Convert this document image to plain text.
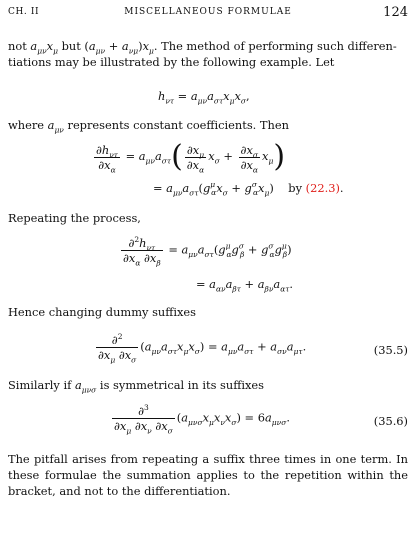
CH. II	MISCELLANEOUS FORMULAE	124
not $a_{\mu\nu}x_\mu$ but $(a_{\mu\nu} + a_{\nu\mu})x_\mu$. The method of performing such differen-
tiations may be illustrated by the following example. Let
$h_{\nu\tau} = a_{\mu\nu}a_{\sigma\tau}x_\mu x_\sigma$,
where $a_{\mu\nu}$ represents constant coefficients. Then
$\frac{\partial h_{\nu\tau}}{\partial x_\alpha} = a_{\mu\nu}a_{\sigma\tau}( \frac{\partial x_\mu}{\partial x_\alpha} x_\sigma + \frac{\partial x_\sigma}{\partial x_\alpha} x_\mu)$
= $a_{\mu\nu}a_{\sigma\tau}(g^\mu_\alpha x_\sigma + g^\sigma_\alpha x_\mu)$    by (22.3).
Repeating the process,
$\frac{\partial^2h_{\nu\tau}}{\partial x_\alpha \partial x_\beta} = a_{\mu\nu}a_{\sigma\tau}(g^\mu_\alpha g^\sigma_\beta + g^\sigma_\alpha g^\mu_\beta)$
= $a_{\alpha\nu}a_{\beta\tau} + a_{\beta\nu}a_{\alpha\tau}$.
Hence changing dummy suffixes
$\frac{\partial^2}{\partial x_\mu \partial x_\sigma} (a_{\mu\nu}a_{\sigma\tau}x_\mu x_\sigma) = a_{\mu\nu}a_{\sigma\tau} + a_{\sigma\nu}a_{\mu\tau}$.	(35.5)
Similarly if $a_{\mu\nu\sigma}$ is symmetrical in its suffixes
$\frac{\partial^3}{\partial x_\mu \partial x_\nu \partial x_\sigma} (a_{\mu\nu\sigma}x_\mu x_\nu x_\sigma) = 6a_{\mu\nu\sigma}$.	(35.6)
The pitfall arises from repeating a suffix three times in one term. In these formulae the summation applies to the repetition within the bracket, and not to the differentiation.
